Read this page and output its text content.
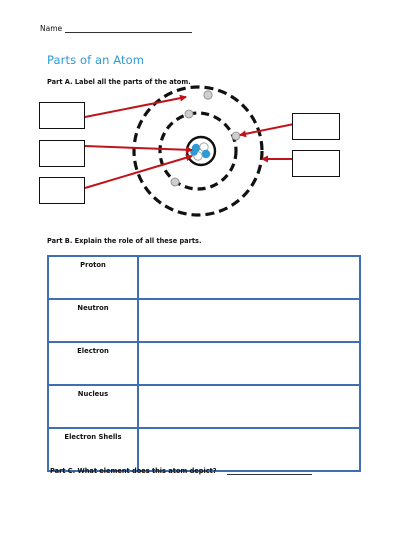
Name
Parts of an Atom
Part A. Label all the parts of the atom.
Part B. Explain the role of all these parts.
Proton	
Neutron	
Electron	
Nucleus	
Electron Shells	
Part C. What element does this atom depict?
